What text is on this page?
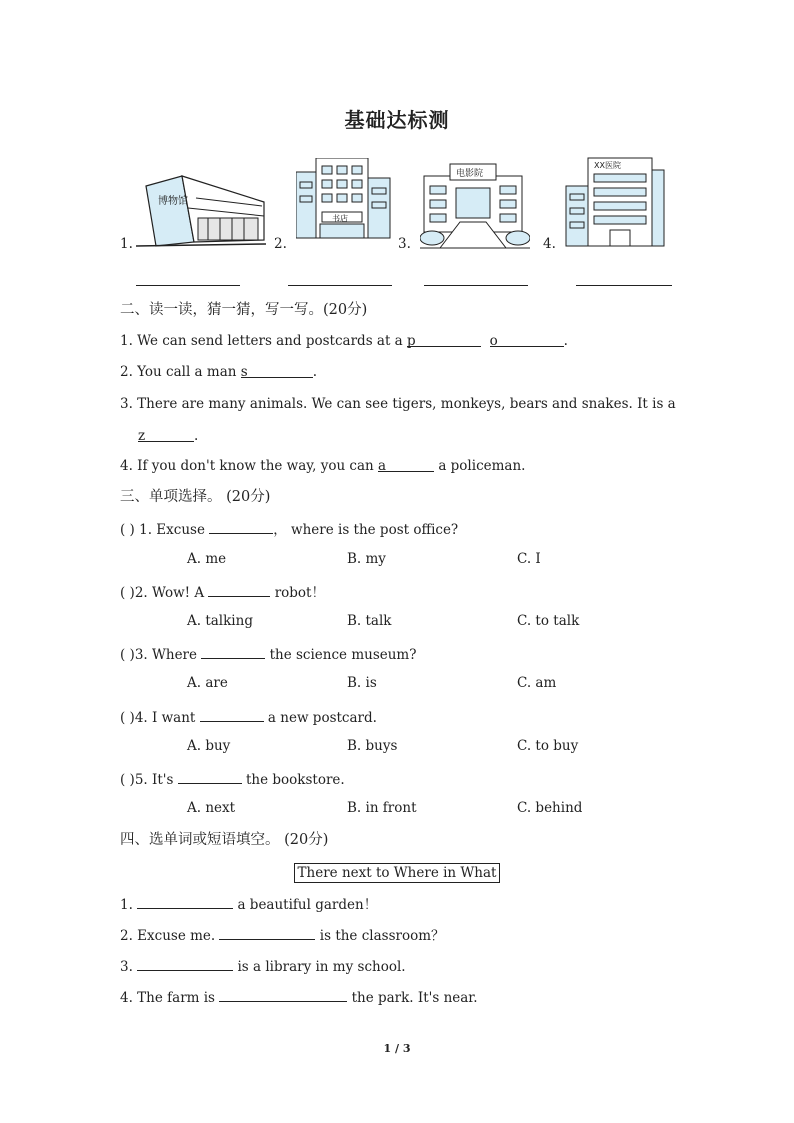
基础达标测
1.	2.	3.	4.
博物馆
书店
电影院
XX医院
二、读一读，猜一猜，写一写。(20分)
1. We can send letters and postcards at a p	o	.
2. You call a man s	.
3. There are many animals. We can see tigers, monkeys, bears and snakes. It is a
z	.
4. If you don't know the way, you can a	a policeman.
三、单项选择。 (20分)
( ) 1. Excuse	， where is the post office?
A. me	B. my	C. I
( )2. Wow! A	robot！
A. talking	B. talk	C. to talk
( )3. Where	the science museum?
A. are	B. is	C. am
( )4. I want	a new postcard.
A. buy	B. buys	C. to buy
( )5. It's	the bookstore.
A. next	B. in front	C. behind
四、选单词或短语填空。 (20分)
There next to Where in What
1.	a beautiful garden！
2. Excuse me.	is the classroom？
3.	is a library in my school.
4. The farm is	the park. It's near.
1 / 3
